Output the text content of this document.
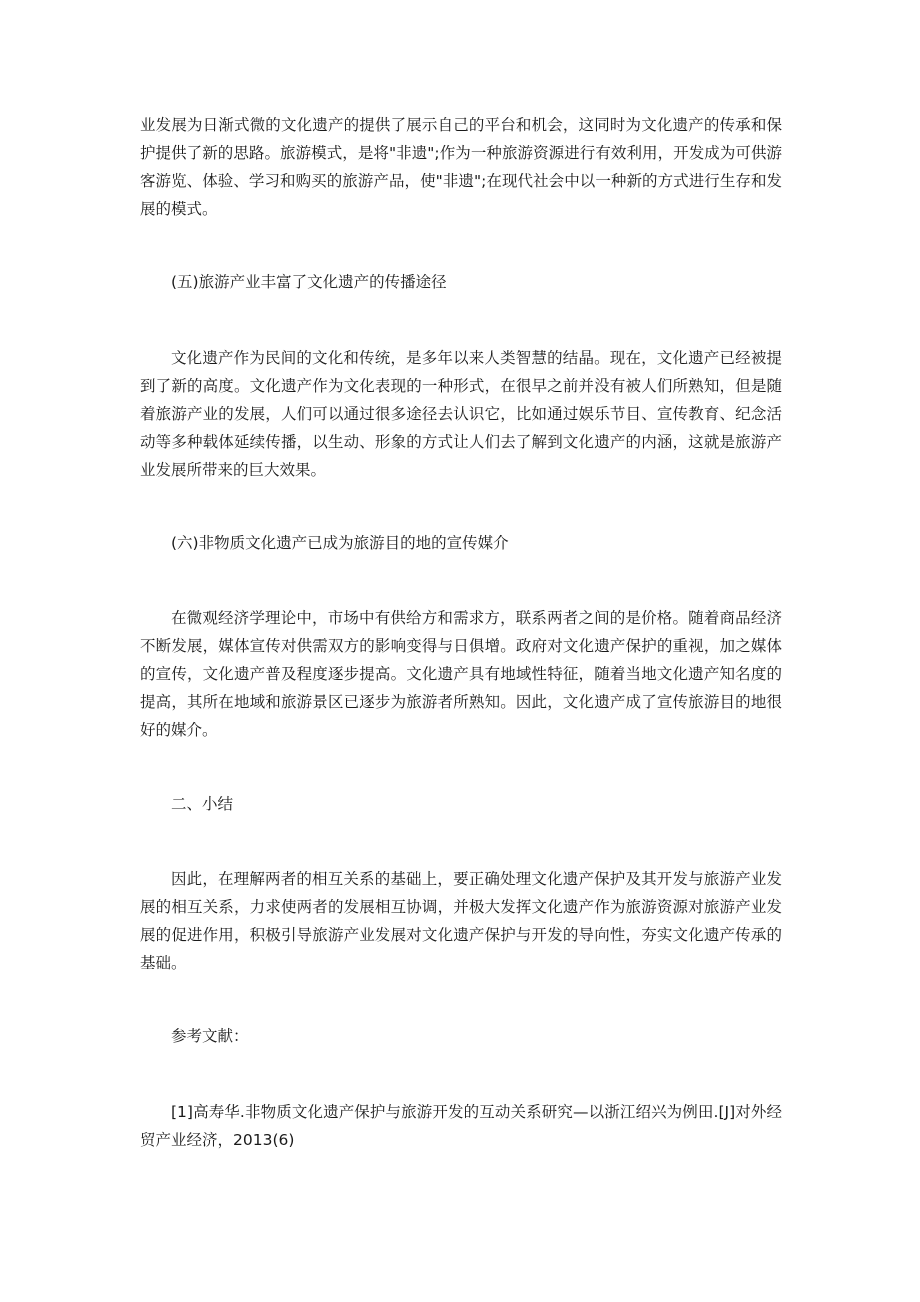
业发展为日渐式微的文化遗产的提供了展示自己的平台和机会，这同时为文化遗产的传承和保护提供了新的思路。旅游模式，是将"非遗";作为一种旅游资源进行有效利用，开发成为可供游客游览、体验、学习和购买的旅游产品，使"非遗";在现代社会中以一种新的方式进行生存和发展的模式。

(五)旅游产业丰富了文化遗产的传播途径

文化遗产作为民间的文化和传统，是多年以来人类智慧的结晶。现在，文化遗产已经被提到了新的高度。文化遗产作为文化表现的一种形式，在很早之前并没有被人们所熟知，但是随着旅游产业的发展，人们可以通过很多途径去认识它，比如通过娱乐节目、宣传教育、纪念活动等多种载体延续传播，以生动、形象的方式让人们去了解到文化遗产的内涵，这就是旅游产业发展所带来的巨大效果。

(六)非物质文化遗产已成为旅游目的地的宣传媒介

在微观经济学理论中，市场中有供给方和需求方，联系两者之间的是价格。随着商品经济不断发展，媒体宣传对供需双方的影响变得与日俱增。政府对文化遗产保护的重视，加之媒体的宣传，文化遗产普及程度逐步提高。文化遗产具有地域性特征，随着当地文化遗产知名度的提高，其所在地域和旅游景区已逐步为旅游者所熟知。因此，文化遗产成了宣传旅游目的地很好的媒介。

二、小结

因此，在理解两者的相互关系的基础上，要正确处理文化遗产保护及其开发与旅游产业发展的相互关系，力求使两者的发展相互协调，并极大发挥文化遗产作为旅游资源对旅游产业发展的促进作用，积极引导旅游产业发展对文化遗产保护与开发的导向性，夯实文化遗产传承的基础。

参考文献：

[1]高寿华.非物质文化遗产保护与旅游开发的互动关系研究—以浙江绍兴为例田.[J]对外经贸产业经济，2013(6)
